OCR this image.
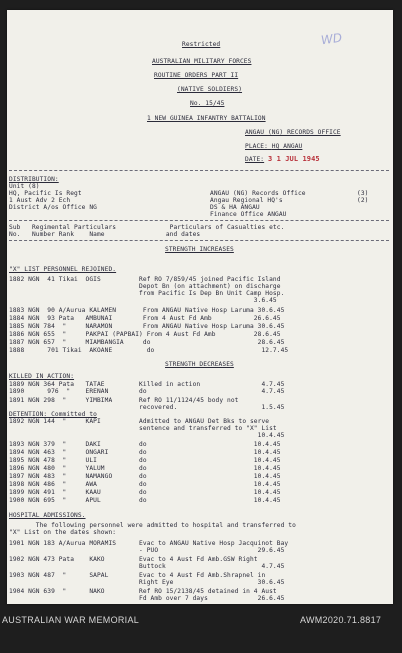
WD
Restricted
AUSTRALIAN MILITARY FORCES
ROUTINE ORDERS PART II
(NATIVE SOLDIERS)
No. 15/45
1 NEW GUINEA INFANTRY BATTALION
ANGAU (NG) RECORDS OFFICE
PLACE: HQ ANGAU
DATE: 3 1 JUL 1945
DISTRIBUTION:
Unit (8)
HQ, Pacific Is Regt
1 Aust Adv 2 Ech
District A/os Office NG
ANGAU (NG) Records Office
Angau Regional HQ's
DS & HA ANGAU
Finance Office ANGAU
(3)
(2)
Sub   Regimental Particulars              Particulars of Casualties etc.
No.   Number Rank    Name                and dates
STRENGTH INCREASES
"X" LIST PERSONNEL REJOINED.
1882 NGN  41 Tikai  OGIS          Ref RO 7/859/45 joined Pacific Island
Depot Bn (on attachment) on discharge
from Pacific Is Dep Bn Unit Camp Hosp.
3.6.45
1883 NGN  90 A/Aurua KALAMEN       From ANGAU Native Hosp Laruma 30.6.45
1884 NGN  93 Pata   AMBUNAI        From 4 Aust Fd Amb           26.6.45
1885 NGN 784  "     NARAMON        From ANGAU Native Hosp Laruma 30.6.45
1886 NGN 655  "     PAKPAI (PAPBAI) From 4 Aust Fd Amb          28.6.45
1887 NGN 657  "     MIAMBANGIA     do                            28.6.45
1888      701 Tikai  AKOANE         do                            12.7.45
STRENGTH DECREASES
KILLED IN ACTION:
1889 NGN 364 Pata   TATAE         Killed in action                4.7.45
1890      976  "    ERENAN        do                              4.7.45
1891 NGN 298  "     YIMBIMA       Ref RO 11/1124/45 body not
recovered.                      1.5.45
DETENTION: Committed to
1892 NGN 144  "     KAPI          Admitted to ANGAU Det Bks to serve
sentence and transferred to "X" List
10.4.45
1893 NGN 379  "     DAKI          do                            10.4.45
1894 NGN 463  "     ONGARI        do                            10.4.45
1895 NGN 478  "     ULI           do                            10.4.45
1896 NGN 480  "     YALUM         do                            10.4.45
1897 NGN 483  "     NAMANGO       do                            10.4.45
1898 NGN 486  "     AWA           do                            10.4.45
1899 NGN 491  "     KAAU          do                            10.4.45
1900 NGN 695  "     APUL          do                            10.4.45
HOSPITAL ADMISSIONS.
The following personnel were admitted to hospital and transferred to
"X" List on the dates shown:
1901 NGN 183 A/Aurua MORAMIS      Evac to ANGAU Native Hosp Jacquinot Bay
- PUO                          29.6.45
1902 NGN 473 Pata    KAKO         Evac to 4 Aust Fd Amb.GSW Right
Buttock                         4.7.45
1903 NGN 487  "      SAPAL        Evac to 4 Aust Fd Amb.Shrapnel in
Right Eye                      30.6.45
1904 NGN 639  "      NAKO         Ref RO 15/2138/45 detained in 4 Aust
Fd Amb over 7 days             26.6.45
AUSTRALIAN WAR MEMORIAL	AWM2020.71.8817
